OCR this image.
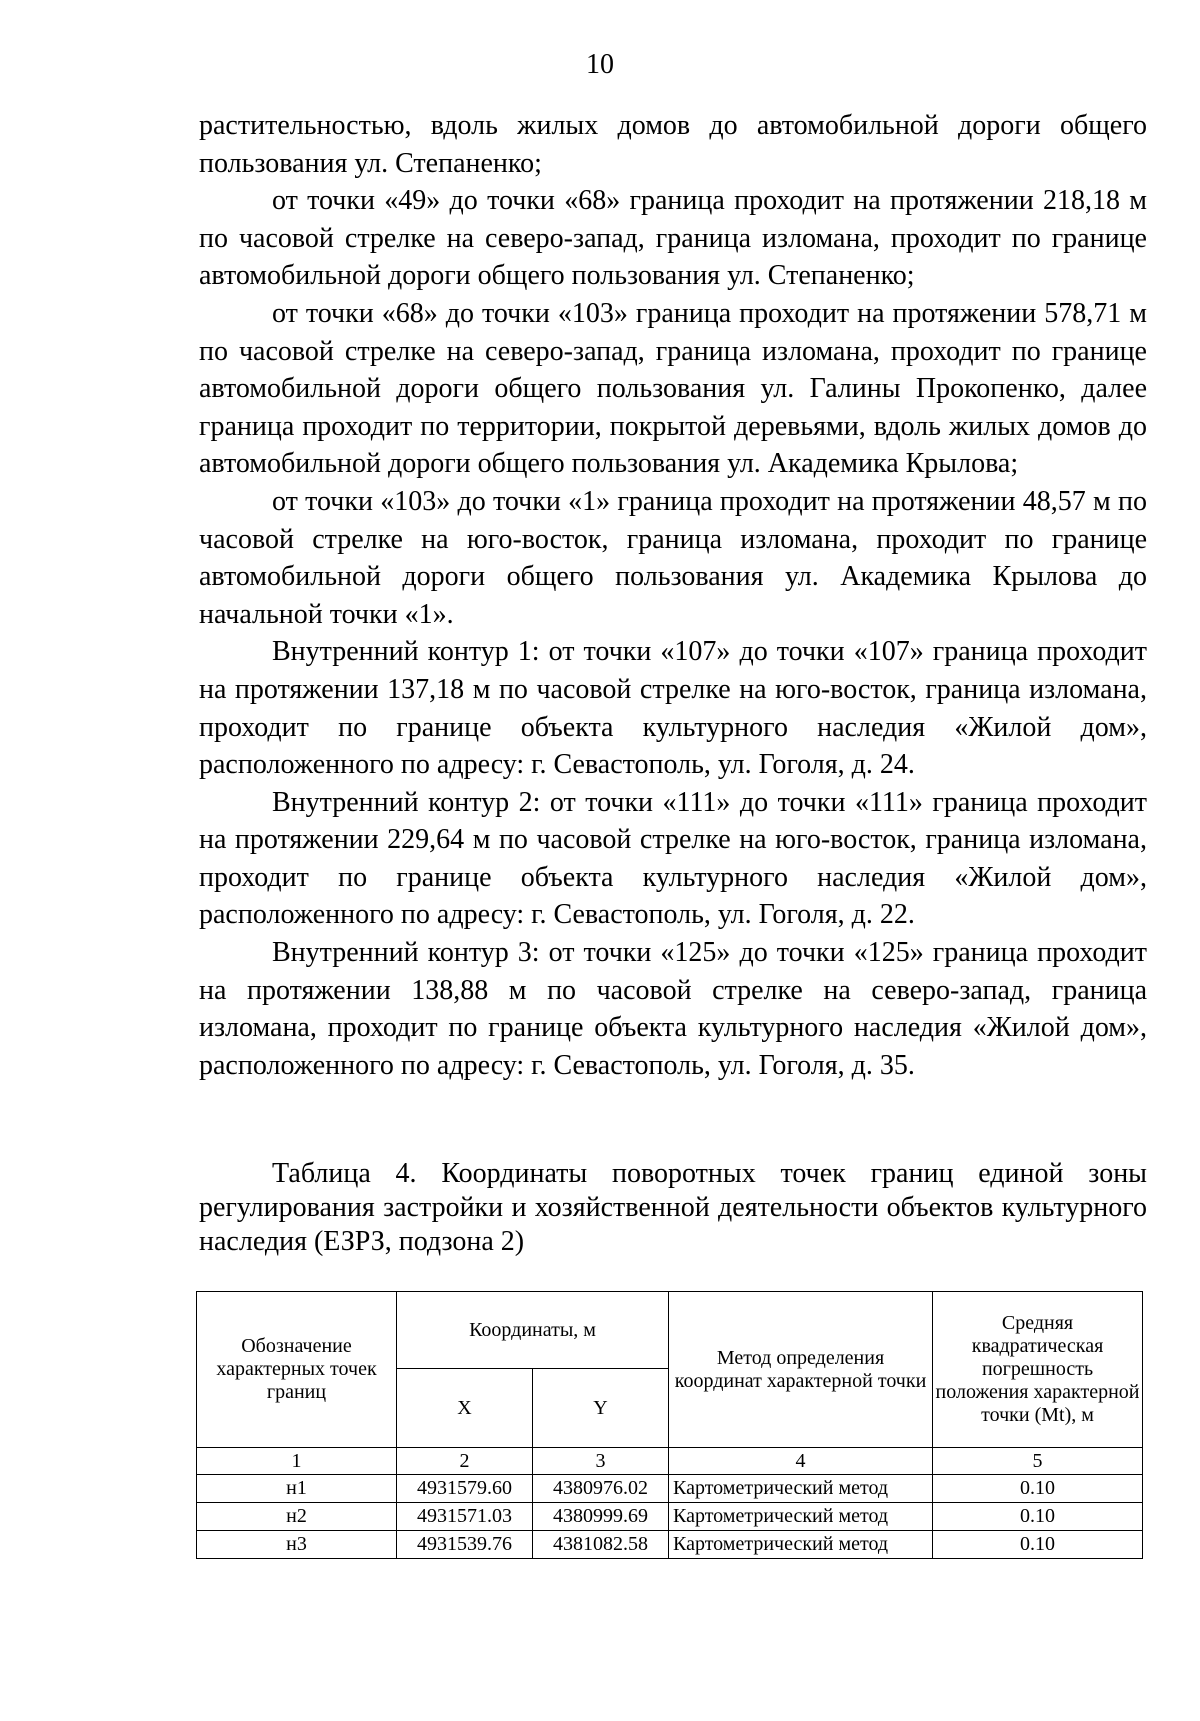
10

растительностью, вдоль жилых домов до автомобильной дороги общего пользования ул. Степаненко;

от точки «49» до точки «68» граница проходит на протяжении 218,18 м по часовой стрелке на северо-запад, граница изломана, проходит по границе автомобильной дороги общего пользования ул. Степаненко;

от точки «68» до точки «103» граница проходит на протяжении 578,71 м по часовой стрелке на северо-запад, граница изломана, проходит по границе автомобильной дороги общего пользования ул. Галины Прокопенко, далее граница проходит по территории, покрытой деревьями, вдоль жилых домов до автомобильной дороги общего пользования ул. Академика Крылова;

от точки «103» до точки «1» граница проходит на протяжении 48,57 м по часовой стрелке на юго-восток, граница изломана, проходит по границе автомобильной дороги общего пользования ул. Академика Крылова до начальной точки «1».

Внутренний контур 1: от точки «107» до точки «107» граница проходит на протяжении 137,18 м по часовой стрелке на юго-восток, граница изломана, проходит по границе объекта культурного наследия «Жилой дом», расположенного по адресу: г. Севастополь, ул. Гоголя, д. 24.

Внутренний контур 2: от точки «111» до точки «111» граница проходит на протяжении 229,64 м по часовой стрелке на юго-восток, граница изломана, проходит по границе объекта культурного наследия «Жилой дом», расположенного по адресу: г. Севастополь, ул. Гоголя, д. 22.

Внутренний контур 3: от точки «125» до точки «125» граница проходит на протяжении 138,88 м по часовой стрелке на северо-запад, граница изломана, проходит по границе объекта культурного наследия «Жилой дом», расположенного по адресу: г. Севастополь, ул. Гоголя, д. 35.

Таблица 4. Координаты поворотных точек границ единой зоны регулирования застройки и хозяйственной деятельности объектов культурного наследия (ЕЗРЗ, подзона 2)

Обозначение характерных точек границ	Координаты, м		Метод определения координат характерной точки	Средняя квадратическая погрешность положения характерной точки (Mt), м
	X	Y		
1	2	3	4	5
н1	4931579.60	4380976.02	Картометрический метод	0.10
н2	4931571.03	4380999.69	Картометрический метод	0.10
н3	4931539.76	4381082.58	Картометрический метод	0.10
